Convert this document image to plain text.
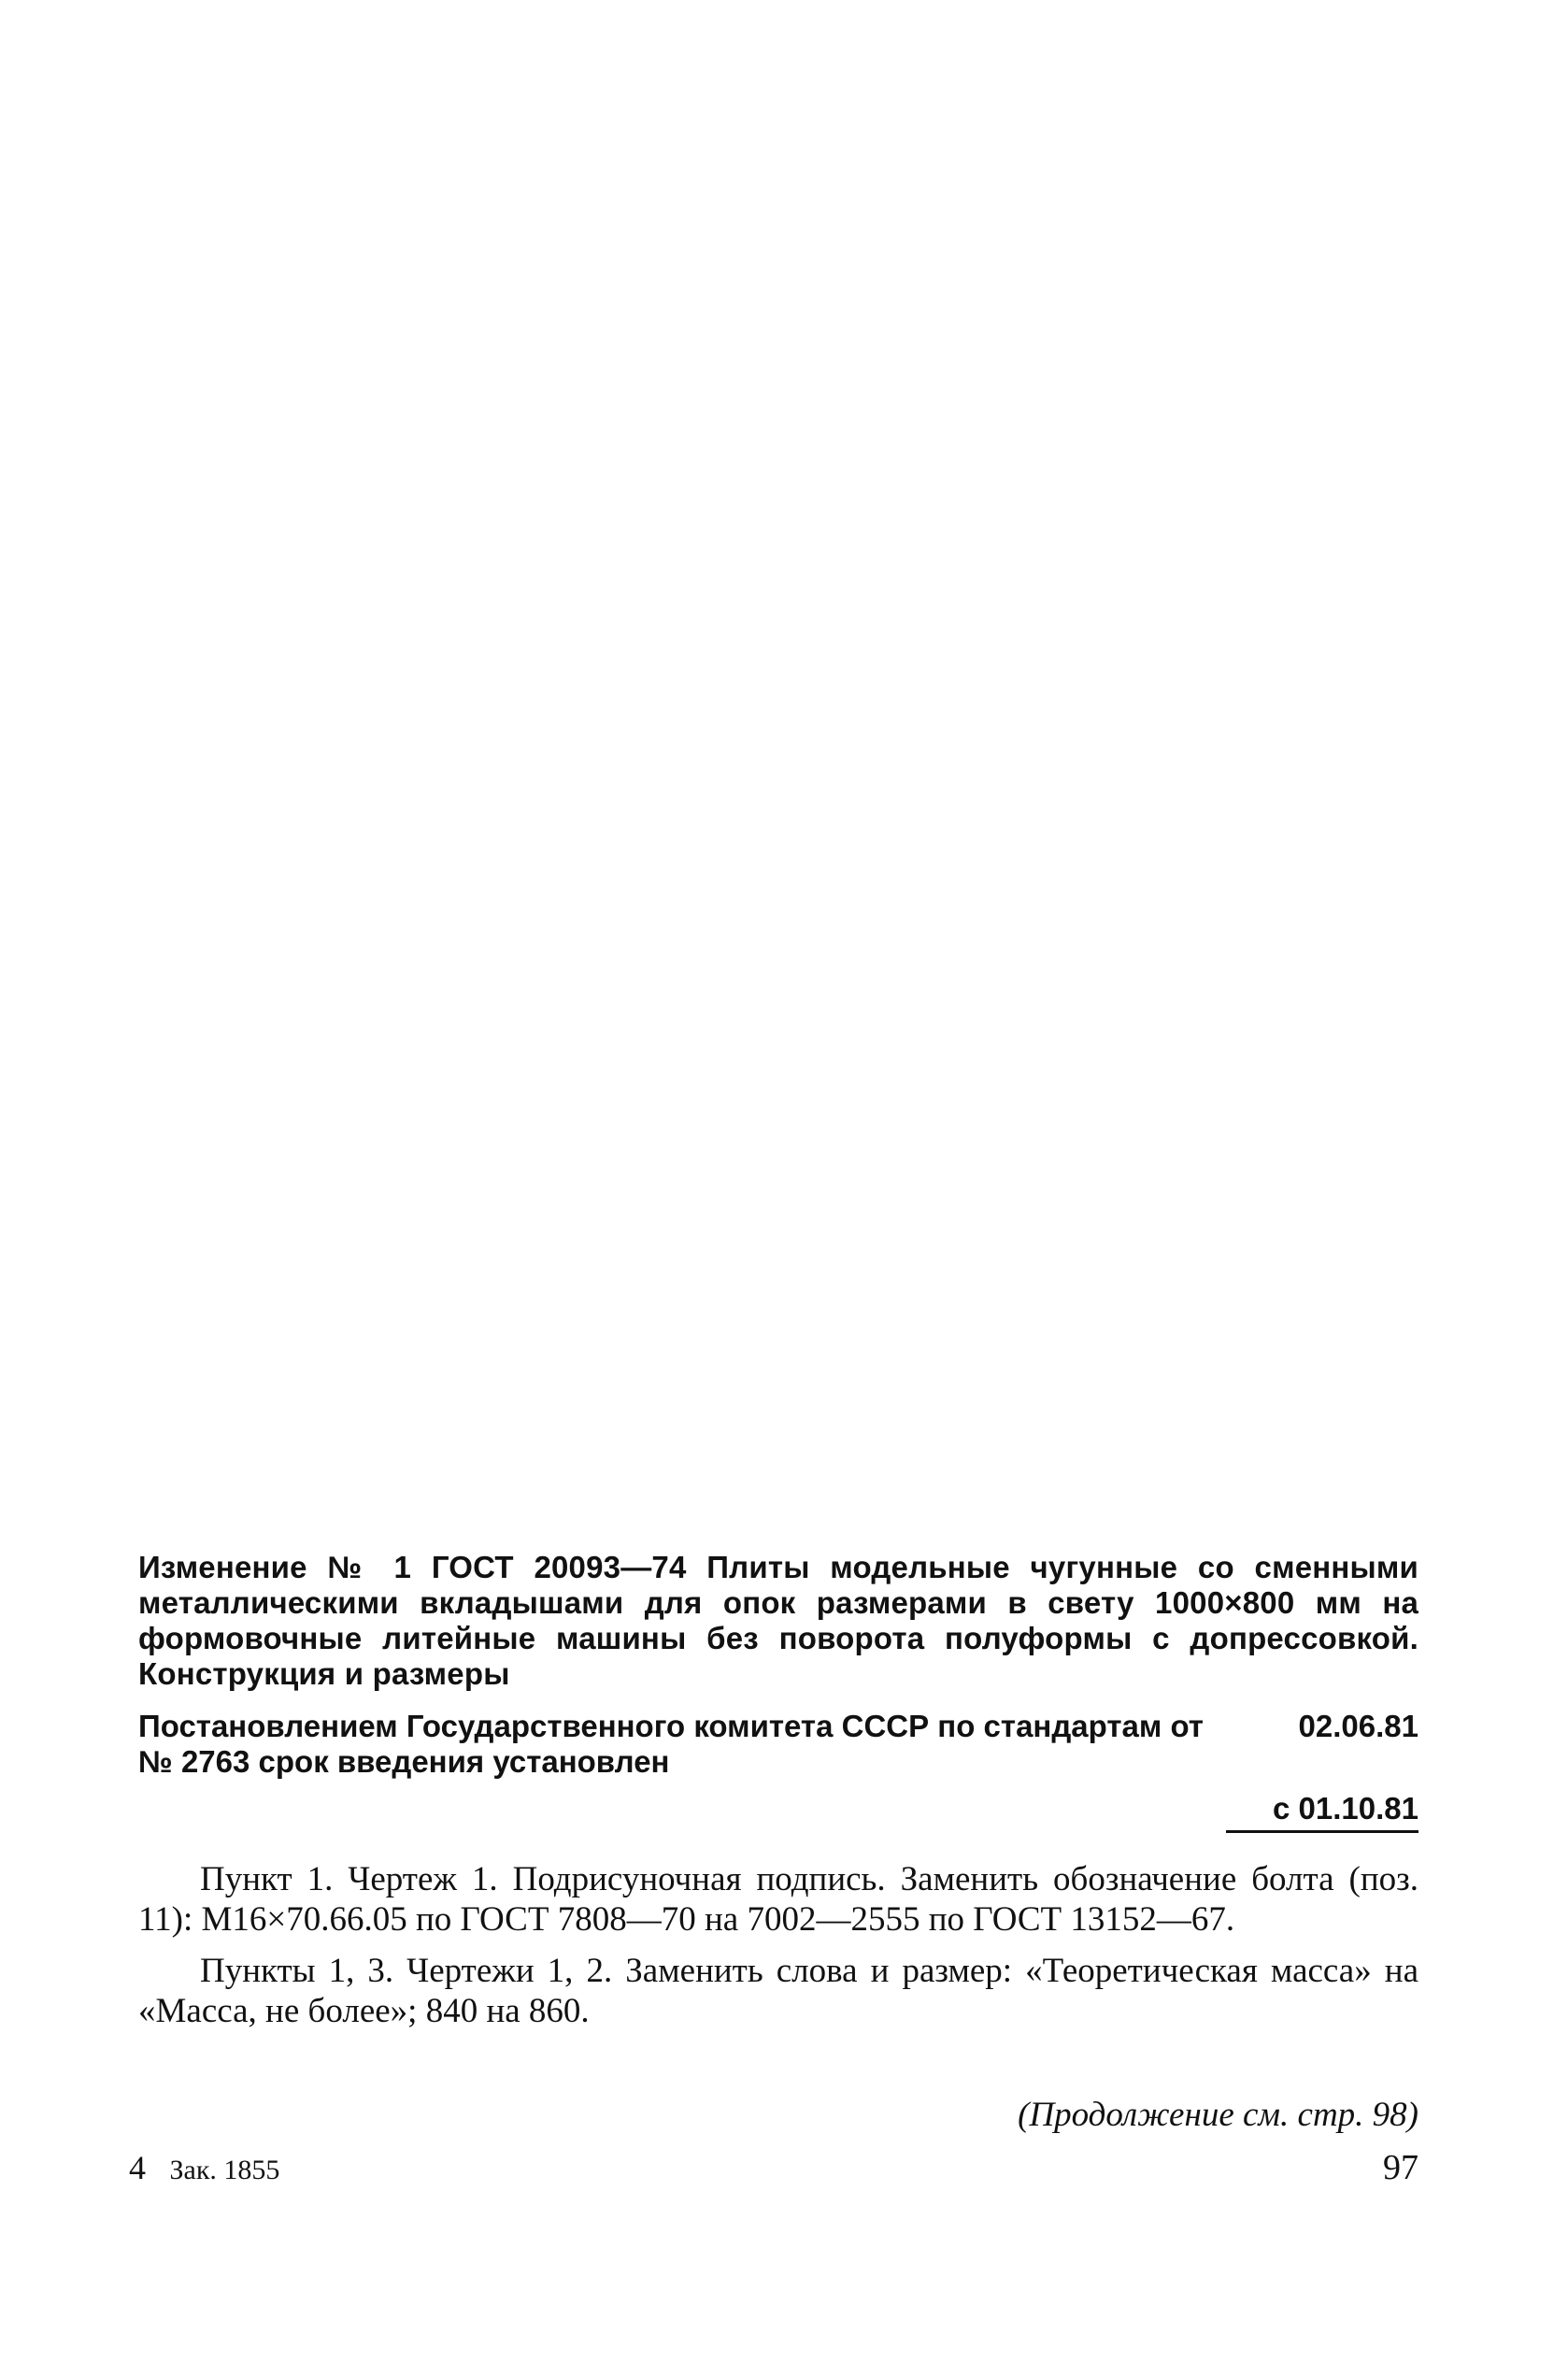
Изменение № 1 ГОСТ 20093—74 Плиты модельные чугунные со сменными металлическими вкладышами для опок размерами в свету 1000×800 мм на формовочные литейные машины без поворота полуформы с допрессовкой. Конструкция и размеры

Постановлением Государственного комитета СССР по стандартам от	02.06.81
№ 2763 срок введения установлен
с 01.10.81

Пункт 1. Чертеж 1. Подрисуночная подпись. Заменить обозначение болта (поз. 11): М16×70.66.05 по ГОСТ 7808—70 на 7002—2555 по ГОСТ 13152—67.

Пункты 1, 3. Чертежи 1, 2. Заменить слова и размер: «Теоретическая масса» на «Масса, не более»; 840 на 860.

(Продолжение см. стр. 98)
4 Зак. 1855	97
